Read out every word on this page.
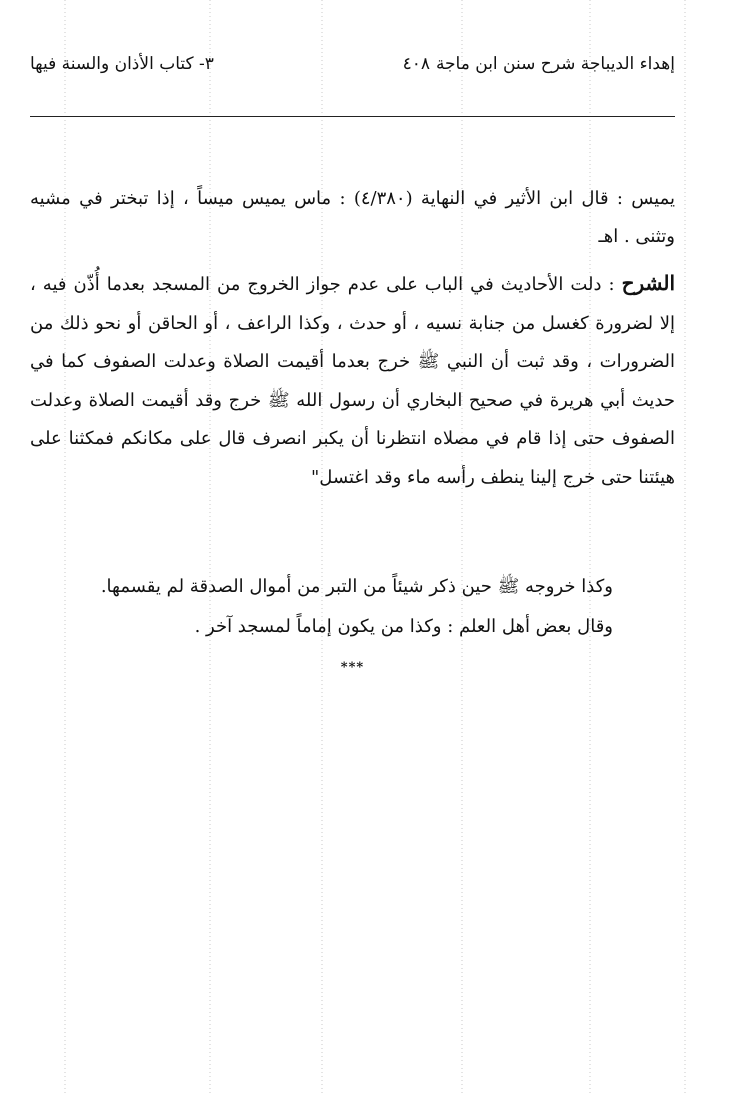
إهداء الديباجة شرح سنن ابن ماجة
٤٠٨
٣- كتاب الأذان والسنة فيها
يميس : قال ابن الأثير في النهاية (٤/٣٨٠) : ماس يميس ميساً ، إذا تبختر في مشيه وتثنى . اهـ
الشرح : دلت الأحاديث في الباب على عدم جواز الخروج من المسجد بعدما أُذّن فيه ، إلا لضرورة كغسل من جنابة نسيه ، أو حدث ، وكذا الراعف ، أو الحاقن أو نحو ذلك من الضرورات ، وقد ثبت أن النبي ﷺ خرج بعدما أقيمت الصلاة وعدلت الصفوف كما في حديث أبي هريرة في صحيح البخاري أن رسول الله ﷺ خرج وقد أقيمت الصلاة وعدلت الصفوف حتى إذا قام في مصلاه انتظرنا أن يكبر انصرف قال على مكانكم فمكثنا على هيئتنا حتى خرج إلينا ينطف رأسه ماء وقد اغتسل"
وكذا خروجه ﷺ حين ذكر شيئاً من التبر من أموال الصدقة لم يقسمها.
وقال بعض أهل العلم : وكذا من يكون إماماً لمسجد آخر .
***
